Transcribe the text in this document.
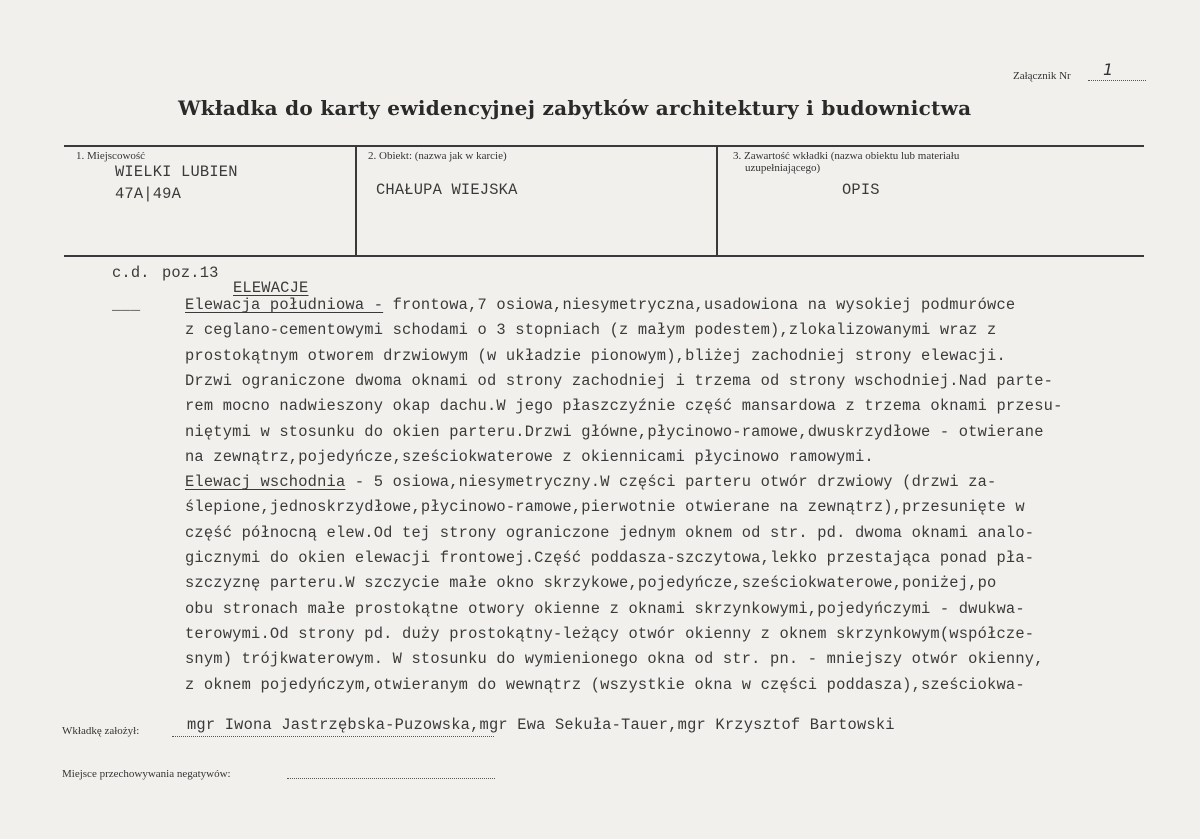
Załącznik Nr 1
Wkładka do karty ewidencyjnej zabytków architektury i budownictwa
1. Miejscowość
WIELKI LUBIEN
47A|49A
2. Obiekt: (nazwa jak w karcie)
CHAŁUPA WIEJSKA
3. Zawartość wkładki (nazwa obiektu lub materiału
uzupełniającego)
OPIS
c.d. poz.13
ELEWACJE
___	Elewacja południowa - frontowa,7 osiowa,niesymetryczna,usadowiona na wysokiej podmurówce
z ceglano-cementowymi schodami o 3 stopniach (z małym podestem),zlokalizowanymi wraz z
prostokątnym otworem drzwiowym (w układzie pionowym),bliżej zachodniej strony elewacji.
Drzwi ograniczone dwoma oknami od strony zachodniej i trzema od strony wschodniej.Nad parte-
rem mocno nadwieszony okap dachu.W jego płaszczyźnie część mansardowa z trzema oknami przesu-
niętymi w stosunku do okien parteru.Drzwi główne,płycinowo-ramowe,dwuskrzydłowe - otwierane
na zewnątrz,pojedyńcze,sześciokwaterowe z okiennicami płycinowo ramowymi.
Elewacj wschodnia - 5 osiowa,niesymetryczny.W części parteru otwór drzwiowy (drzwi za-
ślepione,jednoskrzydłowe,płycinowo-ramowe,pierwotnie otwierane na zewnątrz),przesunięte w
część północną elew.Od tej strony ograniczone jednym oknem od str. pd. dwoma oknami analo-
gicznymi do okien elewacji frontowej.Część poddasza-szczytowa,lekko przestająca ponad pła-
szczyznę parteru.W szczycie małe okno skrzykowe,pojedyńcze,sześciokwaterowe,poniżej,po
obu stronach małe prostokątne otwory okienne z oknami skrzynkowymi,pojedyńczymi - dwukwa-
terowymi.Od strony pd. duży prostokątny-leżący otwór okienny z oknem skrzynkowym(współcze-
snym) trójkwaterowym. W stosunku do wymienionego okna od str. pn. - mniejszy otwór okienny,
z oknem pojedyńczym,otwieranym do wewnątrz (wszystkie okna w części poddasza),sześciokwa-
Wkładkę założył:	mgr Iwona Jastrzębska-Puzowska,mgr Ewa Sekuła-Tauer,mgr Krzysztof Bartowski
Miejsce przechowywania negatywów:
